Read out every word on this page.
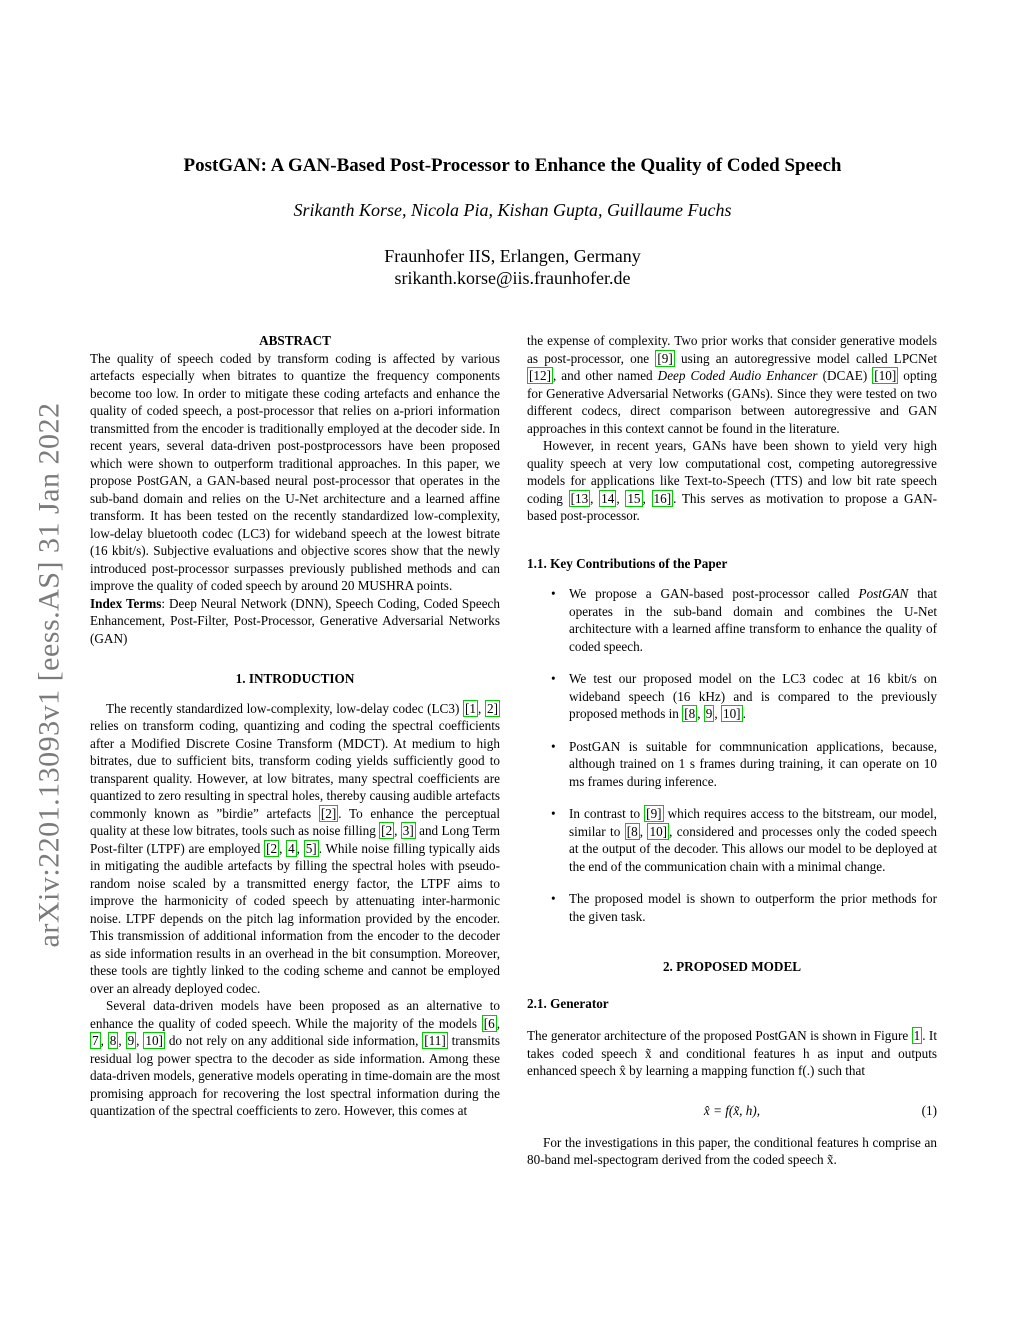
arXiv:2201.13093v1 [eess.AS] 31 Jan 2022
PostGAN: A GAN-Based Post-Processor to Enhance the Quality of Coded Speech
Srikanth Korse, Nicola Pia, Kishan Gupta, Guillaume Fuchs
Fraunhofer IIS, Erlangen, Germany
srikanth.korse@iis.fraunhofer.de

ABSTRACT

The quality of speech coded by transform coding is affected by various artefacts especially when bitrates to quantize the frequency components become too low. In order to mitigate these coding artefacts and enhance the quality of coded speech, a post-processor that relies on a-priori information transmitted from the encoder is traditionally employed at the decoder side. In recent years, several data-driven post-postprocessors have been proposed which were shown to outperform traditional approaches. In this paper, we propose PostGAN, a GAN-based neural post-processor that operates in the sub-band domain and relies on the U-Net architecture and a learned affine transform. It has been tested on the recently standardized low-complexity, low-delay bluetooth codec (LC3) for wideband speech at the lowest bitrate (16 kbit/s). Subjective evaluations and objective scores show that the newly introduced post-processor surpasses previously published methods and can improve the quality of coded speech by around 20 MUSHRA points.

Index Terms: Deep Neural Network (DNN), Speech Coding, Coded Speech Enhancement, Post-Filter, Post-Processor, Generative Adversarial Networks (GAN)

1. INTRODUCTION

The recently standardized low-complexity, low-delay codec (LC3) [1 , 2] relies on transform coding, quantizing and coding the spectral coefficients after a Modified Discrete Cosine Transform (MDCT). At medium to high bitrates, due to sufficient bits, transform coding yields sufficiently good to transparent quality. However, at low bitrates, many spectral coefficients are quantized to zero resulting in spectral holes, thereby causing audible artefacts commonly known as ”birdie” artefacts [2] . To enhance the perceptual quality at these low bitrates, tools such as noise filling [2 , 3] and Long Term Post-filter (LTPF) are employed [2 , 4 , 5] . While noise filling typically aids in mitigating the audible artefacts by filling the spectral holes with pseudo-random noise scaled by a transmitted energy factor, the LTPF aims to improve the harmonicity of coded speech by attenuating inter-harmonic noise. LTPF depends on the pitch lag information provided by the encoder. This transmission of additional information from the encoder to the decoder as side information results in an overhead in the bit consumption. Moreover, these tools are tightly linked to the coding scheme and cannot be employed over an already deployed codec.

Several data-driven models have been proposed as an alternative to enhance the quality of coded speech. While the majority of the models [6 , 7 , 8 , 9 , 10] do not rely on any additional side information, [11] transmits residual log power spectra to the decoder as side information. Among these data-driven models, generative models operating in time-domain are the most promising approach for recovering the lost spectral information during the quantization of the spectral coefficients to zero. However, this comes at

the expense of complexity. Two prior works that consider generative models as post-processor, one [9] using an autoregressive model called LPCNet [12] , and other named Deep Coded Audio Enhancer (DCAE) [10] opting for Generative Adversarial Networks (GANs). Since they were tested on two different codecs, direct comparison between autoregressive and GAN approaches in this context cannot be found in the literature.

However, in recent years, GANs have been shown to yield very high quality speech at very low computational cost, competing autoregressive models for applications like Text-to-Speech (TTS) and low bit rate speech coding [13 , 14 , 15 , 16] . This serves as motivation to propose a GAN-based post-processor.

1.1. Key Contributions of the Paper

• We propose a GAN-based post-processor called PostGAN that operates in the sub-band domain and combines the U-Net architecture with a learned affine transform to enhance the quality of coded speech.
• We test our proposed model on the LC3 codec at 16 kbit/s on wideband speech (16 kHz) and is compared to the previously proposed methods in [8 , 9 , 10] .
• PostGAN is suitable for commnunication applications, because, although trained on 1 s frames during training, it can operate on 10 ms frames during inference.
• In contrast to [9] which requires access to the bitstream, our model, similar to [8 , 10] , considered and processes only the coded speech at the output of the decoder. This allows our model to be deployed at the end of the communication chain with a minimal change.
• The proposed model is shown to outperform the prior methods for the given task.

2. PROPOSED MODEL

2.1. Generator

The generator architecture of the proposed PostGAN is shown in Figure 1 . It takes coded speech x̃ and conditional features h as input and outputs enhanced speech x̂ by learning a mapping function f(.) such that

x̂ = f(x̃, h),	(1)

For the investigations in this paper, the conditional features h comprise an 80-band mel-spectogram derived from the coded speech x̃.
